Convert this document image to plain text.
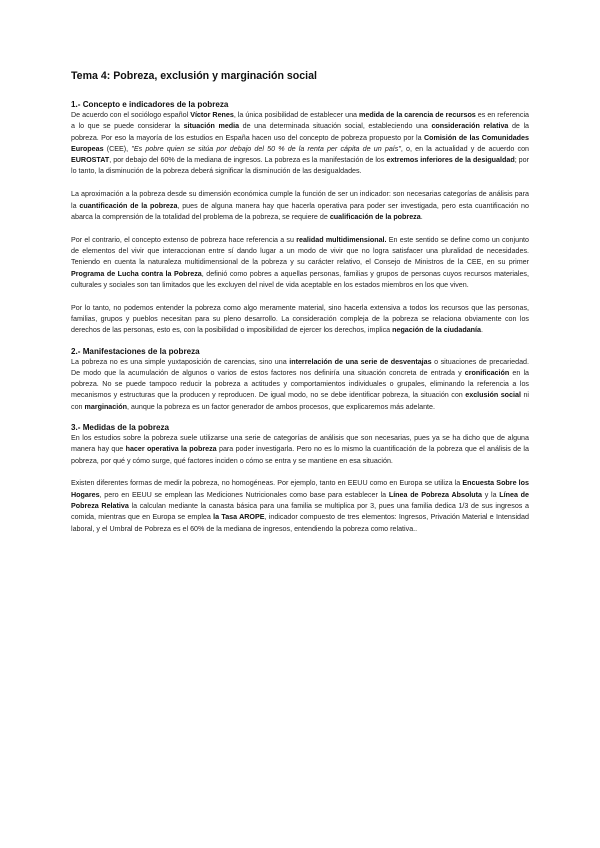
Tema 4: Pobreza, exclusión y marginación social
1.- Concepto e indicadores de la pobreza

De acuerdo con el sociólogo español Víctor Renes, la única posibilidad de establecer una medida de la carencia de recursos es en referencia a lo que se puede considerar la situación media de una determinada situación social, estableciendo una consideración relativa de la pobreza. Por eso la mayoría de los estudios en España hacen uso del concepto de pobreza propuesto por la Comisión de las Comunidades Europeas (CEE), "Es pobre quien se sitúa por debajo del 50 % de la renta per cápita de un país", o, en la actualidad y de acuerdo con EUROSTAT, por debajo del 60% de la mediana de ingresos. La pobreza es la manifestación de los extremos inferiores de la desigualdad; por lo tanto, la disminución de la pobreza deberá significar la disminución de las desigualdades.

La aproximación a la pobreza desde su dimensión económica cumple la función de ser un indicador: son necesarias categorías de análisis para la cuantificación de la pobreza, pues de alguna manera hay que hacerla operativa para poder ser investigada, pero esta cuantificación no abarca la comprensión de la totalidad del problema de la pobreza, se requiere de cualificación de la pobreza.

Por el contrario, el concepto extenso de pobreza hace referencia a su realidad multidimensional. En este sentido se define como un conjunto de elementos del vivir que interaccionan entre sí dando lugar a un modo de vivir que no logra satisfacer una pluralidad de necesidades. Teniendo en cuenta la naturaleza multidimensional de la pobreza y su carácter relativo, el Consejo de Ministros de la CEE, en su primer Programa de Lucha contra la Pobreza, definió como pobres a aquellas personas, familias y grupos de personas cuyos recursos materiales, culturales y sociales son tan limitados que les excluyen del nivel de vida aceptable en los estados miembros en los que viven.

Por lo tanto, no podemos entender la pobreza como algo meramente material, sino hacerla extensiva a todos los recursos que las personas, familias, grupos y pueblos necesitan para su pleno desarrollo. La consideración compleja de la pobreza se relaciona obviamente con los derechos de las personas, esto es, con la posibilidad o imposibilidad de ejercer los derechos, implica negación de la ciudadanía.

2.- Manifestaciones de la pobreza

La pobreza no es una simple yuxtaposición de carencias, sino una interrelación de una serie de desventajas o situaciones de precariedad. De modo que la acumulación de algunos o varios de estos factores nos definiría una situación concreta de entrada y cronificación en la pobreza. No se puede tampoco reducir la pobreza a actitudes y comportamientos individuales o grupales, eliminando la referencia a los mecanismos y estructuras que la producen y reproducen. De igual modo, no se debe identificar pobreza, la situación con exclusión social ni con marginación, aunque la pobreza es un factor generador de ambos procesos, que explicaremos más adelante.

3.- Medidas de la pobreza

En los estudios sobre la pobreza suele utilizarse una serie de categorías de análisis que son necesarias, pues ya se ha dicho que de alguna manera hay que hacer operativa la pobreza para poder investigarla. Pero no es lo mismo la cuantificación de la pobreza que el análisis de la pobreza, por qué y cómo surge, qué factores inciden o cómo se entra y se mantiene en esa situación.

Existen diferentes formas de medir la pobreza, no homogéneas. Por ejemplo, tanto en EEUU como en Europa se utiliza la Encuesta Sobre los Hogares, pero en EEUU se emplean las Mediciones Nutricionales como base para establecer la Línea de Pobreza Absoluta y la Línea de Pobreza Relativa la calculan mediante la canasta básica para una familia se multiplica por 3, pues una familia dedica 1/3 de sus ingresos a comida, mientras que en Europa se emplea la Tasa AROPE, indicador compuesto de tres elementos: Ingresos, Privación Material e Intensidad laboral, y el Umbral de Pobreza es el 60% de la mediana de ingresos, entendiendo la pobreza como relativa..
